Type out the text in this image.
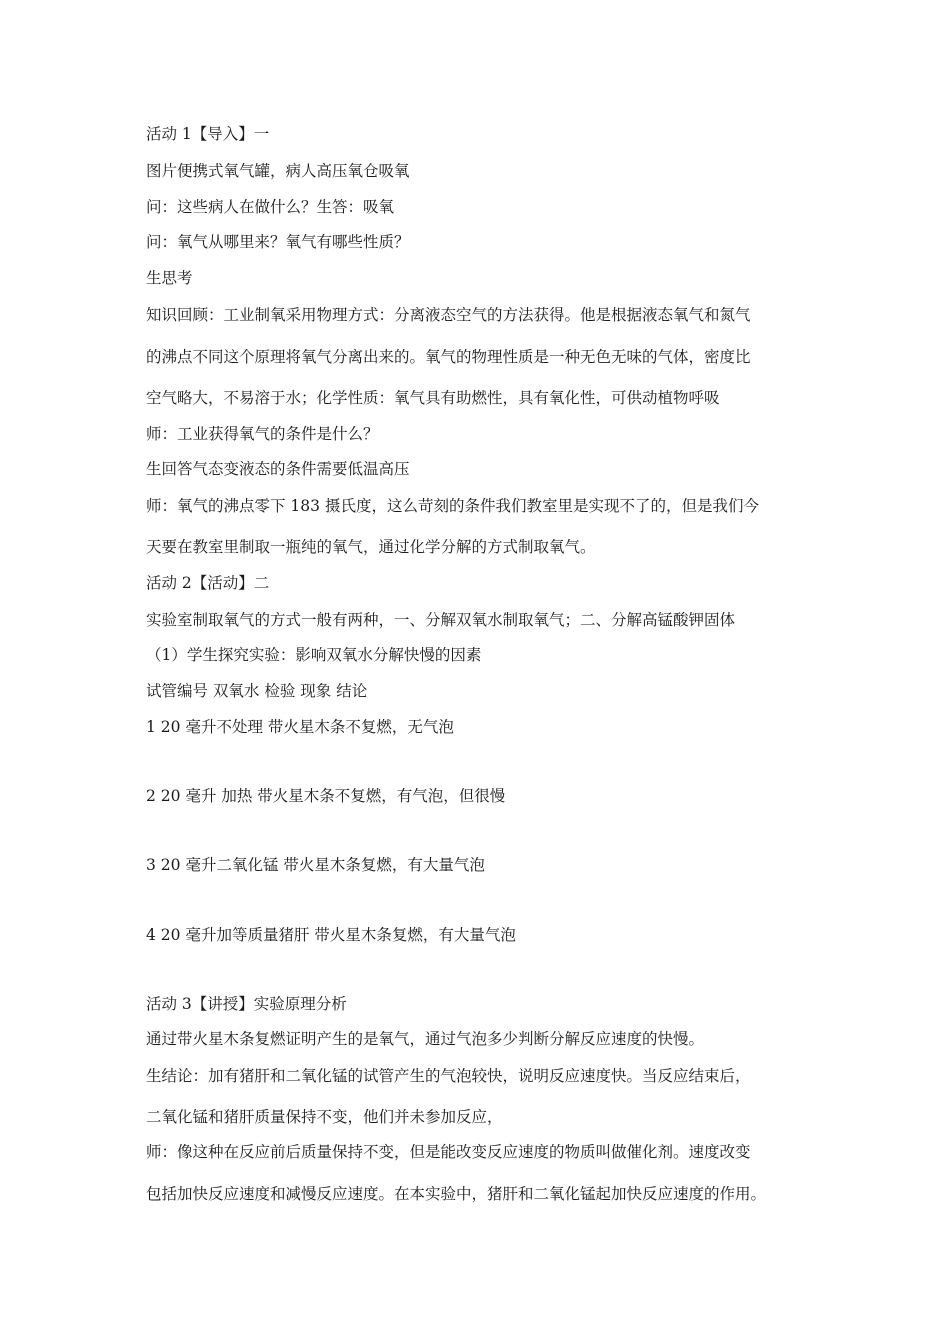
活动 1【导入】一
图片便携式氧气罐，病人高压氧仓吸氧
问：这些病人在做什么？生答：吸氧
问：氧气从哪里来？氧气有哪些性质？
生思考
知识回顾：工业制氧采用物理方式：分离液态空气的方法获得。他是根据液态氧气和氮气
的沸点不同这个原理将氧气分离出来的。氧气的物理性质是一种无色无味的气体，密度比
空气略大，不易溶于水；化学性质：氧气具有助燃性，具有氧化性，可供动植物呼吸
师：工业获得氧气的条件是什么？
生回答气态变液态的条件需要低温高压
师：氧气的沸点零下 183 摄氏度，这么苛刻的条件我们教室里是实现不了的，但是我们今
天要在教室里制取一瓶纯的氧气，通过化学分解的方式制取氧气。
活动 2【活动】二
实验室制取氧气的方式一般有两种，一、分解双氧水制取氧气；二、分解高锰酸钾固体
（1）学生探究实验：影响双氧水分解快慢的因素
试管编号 双氧水 检验 现象 结论
1 20 毫升不处理 带火星木条不复燃，无气泡
2 20 毫升 加热 带火星木条不复燃，有气泡，但很慢
3 20 毫升二氧化锰 带火星木条复燃，有大量气泡
4 20 毫升加等质量猪肝 带火星木条复燃，有大量气泡
活动 3【讲授】实验原理分析
通过带火星木条复燃证明产生的是氧气，通过气泡多少判断分解反应速度的快慢。
生结论：加有猪肝和二氧化锰的试管产生的气泡较快，说明反应速度快。当反应结束后，
二氧化锰和猪肝质量保持不变，他们并未参加反应，
师：像这种在反应前后质量保持不变，但是能改变反应速度的物质叫做催化剂。速度改变
包括加快反应速度和减慢反应速度。在本实验中，猪肝和二氧化锰起加快反应速度的作用。
